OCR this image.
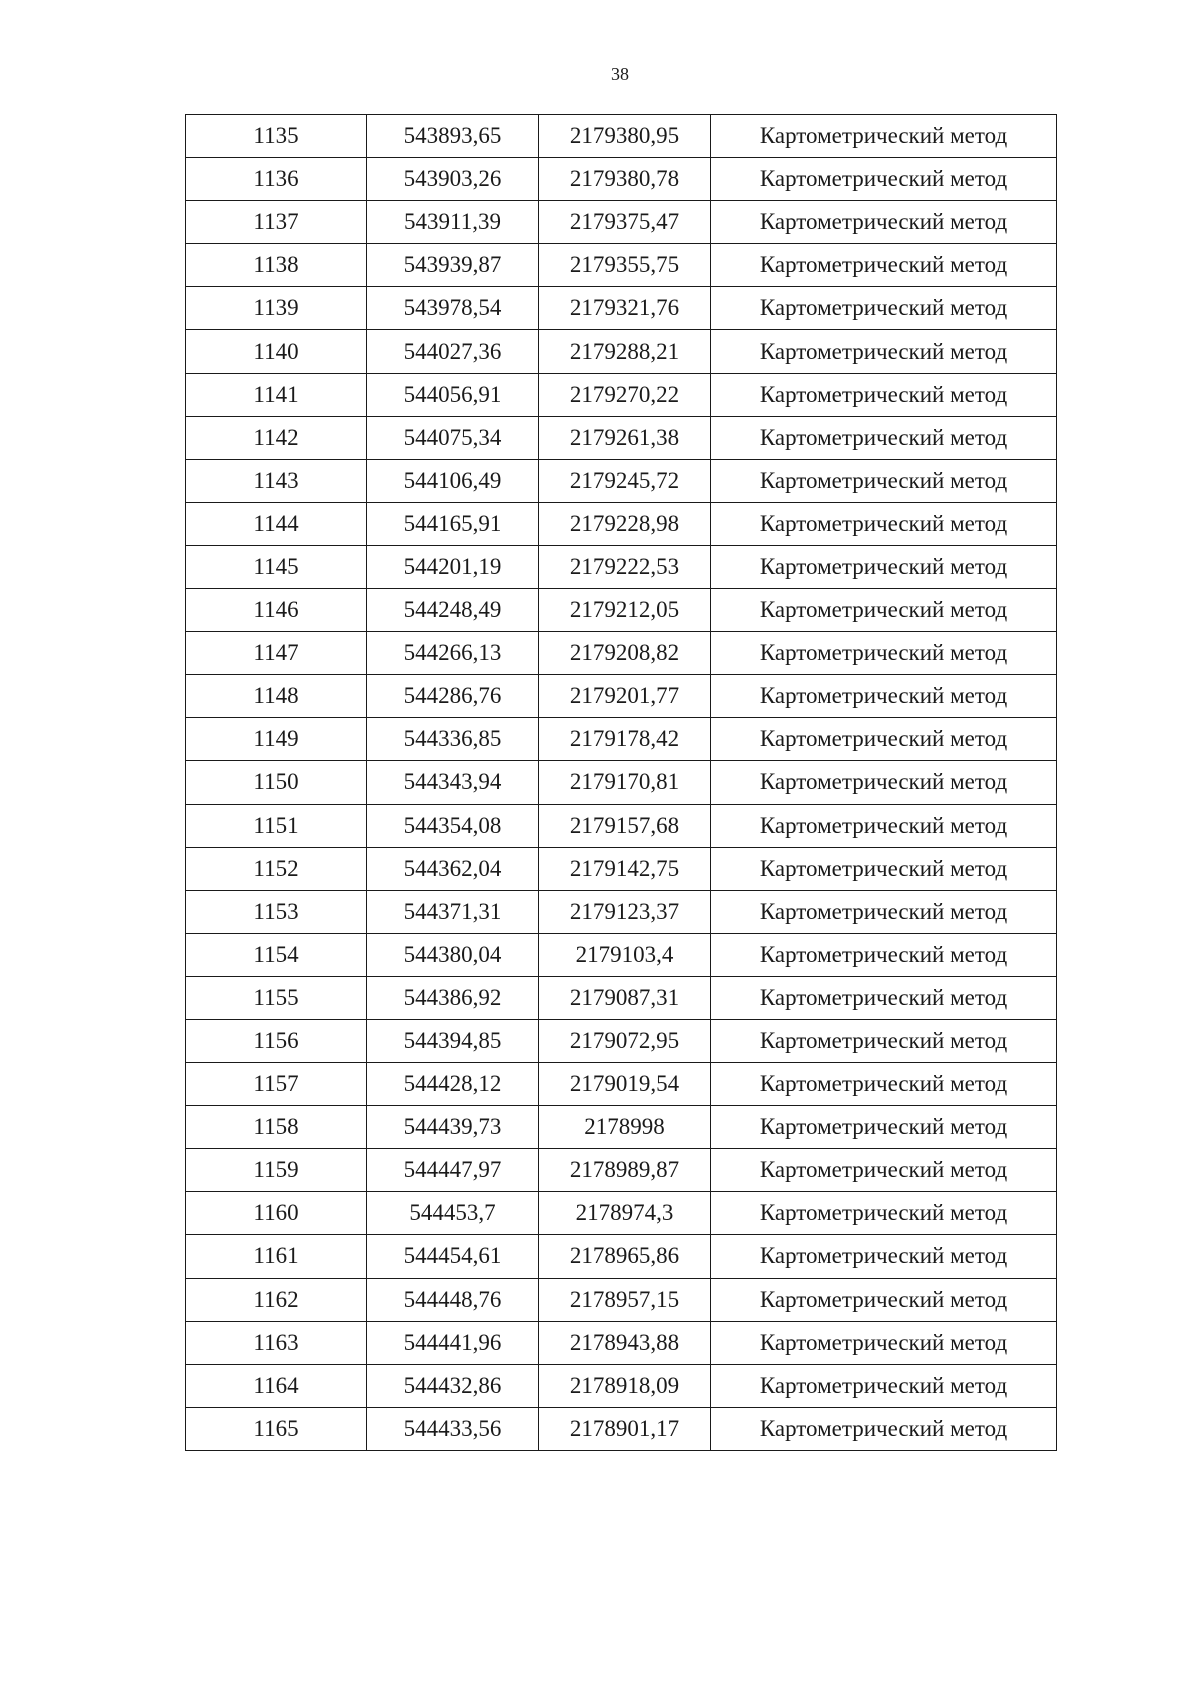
38
1135	543893,65	2179380,95	Картометрический метод
1136	543903,26	2179380,78	Картометрический метод
1137	543911,39	2179375,47	Картометрический метод
1138	543939,87	2179355,75	Картометрический метод
1139	543978,54	2179321,76	Картометрический метод
1140	544027,36	2179288,21	Картометрический метод
1141	544056,91	2179270,22	Картометрический метод
1142	544075,34	2179261,38	Картометрический метод
1143	544106,49	2179245,72	Картометрический метод
1144	544165,91	2179228,98	Картометрический метод
1145	544201,19	2179222,53	Картометрический метод
1146	544248,49	2179212,05	Картометрический метод
1147	544266,13	2179208,82	Картометрический метод
1148	544286,76	2179201,77	Картометрический метод
1149	544336,85	2179178,42	Картометрический метод
1150	544343,94	2179170,81	Картометрический метод
1151	544354,08	2179157,68	Картометрический метод
1152	544362,04	2179142,75	Картометрический метод
1153	544371,31	2179123,37	Картометрический метод
1154	544380,04	2179103,4	Картометрический метод
1155	544386,92	2179087,31	Картометрический метод
1156	544394,85	2179072,95	Картометрический метод
1157	544428,12	2179019,54	Картометрический метод
1158	544439,73	2178998	Картометрический метод
1159	544447,97	2178989,87	Картометрический метод
1160	544453,7	2178974,3	Картометрический метод
1161	544454,61	2178965,86	Картометрический метод
1162	544448,76	2178957,15	Картометрический метод
1163	544441,96	2178943,88	Картометрический метод
1164	544432,86	2178918,09	Картометрический метод
1165	544433,56	2178901,17	Картометрический метод
